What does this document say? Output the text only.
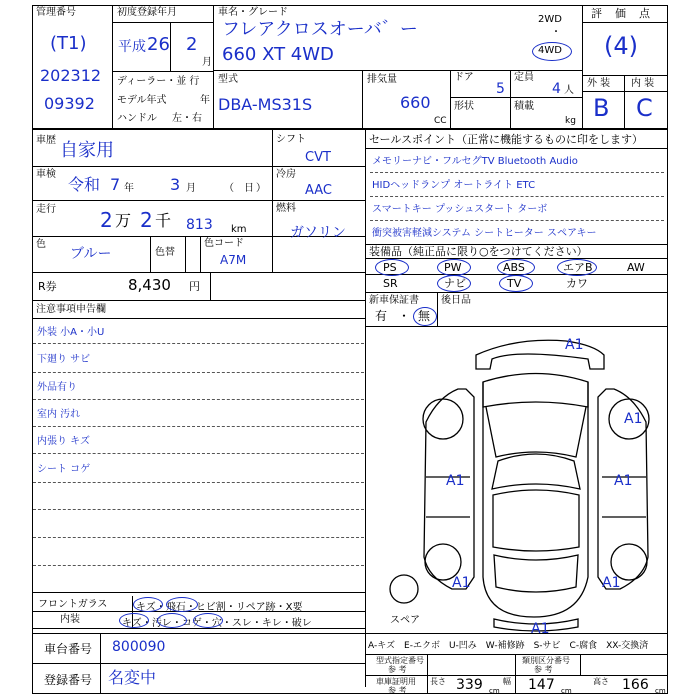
管理番号
(T1)
202312
09392
初度登録年月
平成 26 2
月
ディーラー・並 行
モデル年式	年
ハンドル 左・右
車名・グレード
フレアクロスオーバ゛ー
660 XT 4WD
2WD
・
4WD
評　価　点
(4)
外 装 内 装
B C
型式
DBA-MS31S
排気量
660
CC
ドア
5
定員
4 人
形状	積載
kg
車歴 自家用
車検
令和 7 年 3 月	（ 日 ）
走行 2 万 2 千 813 km
シフト
CVT
冷房
AAC
燃料
ガソリン
色
ブルー	色替
色コード
A7M
R券	8,430 円
セールスポイント（正常に機能するものに印をします）
メモリーナビ・フルセグTV Bluetooth Audio
HIDヘッドランプ オートライト ETC
スマートキー プッシュスタート ターボ
衝突被害軽減システム シートヒーター スペアキー
装備品（純正品に限り○をつけてください）
PS	PW	ABS	エアB	AW
SR	ナビ	TV	カワ
新車保証書
有 ・ 無
後日品
注意事項申告欄
外装 小A・小U
下廻り サビ
外品有り
室内 汚れ
内張り キズ
シート コゲ
フロントガラス	キズ・飛石・ヒビ割・リペア跡・X要
内装	キズ・汚レ・コゲ・穴・スレ・キレ・破レ
車台番号 800090
登録番号 名変中
A-キズ　E-エクボ　U-凹み　W-補修跡　S-サビ　C-腐食　XX-交換済
型式指定番号
参 考
類別区分番号
参 考
車庫証明用
参 考
長さ 339 cm
幅 147 cm
高さ 166 cm
A1
A1
A1	A1
A1	A1
A1
スペア
